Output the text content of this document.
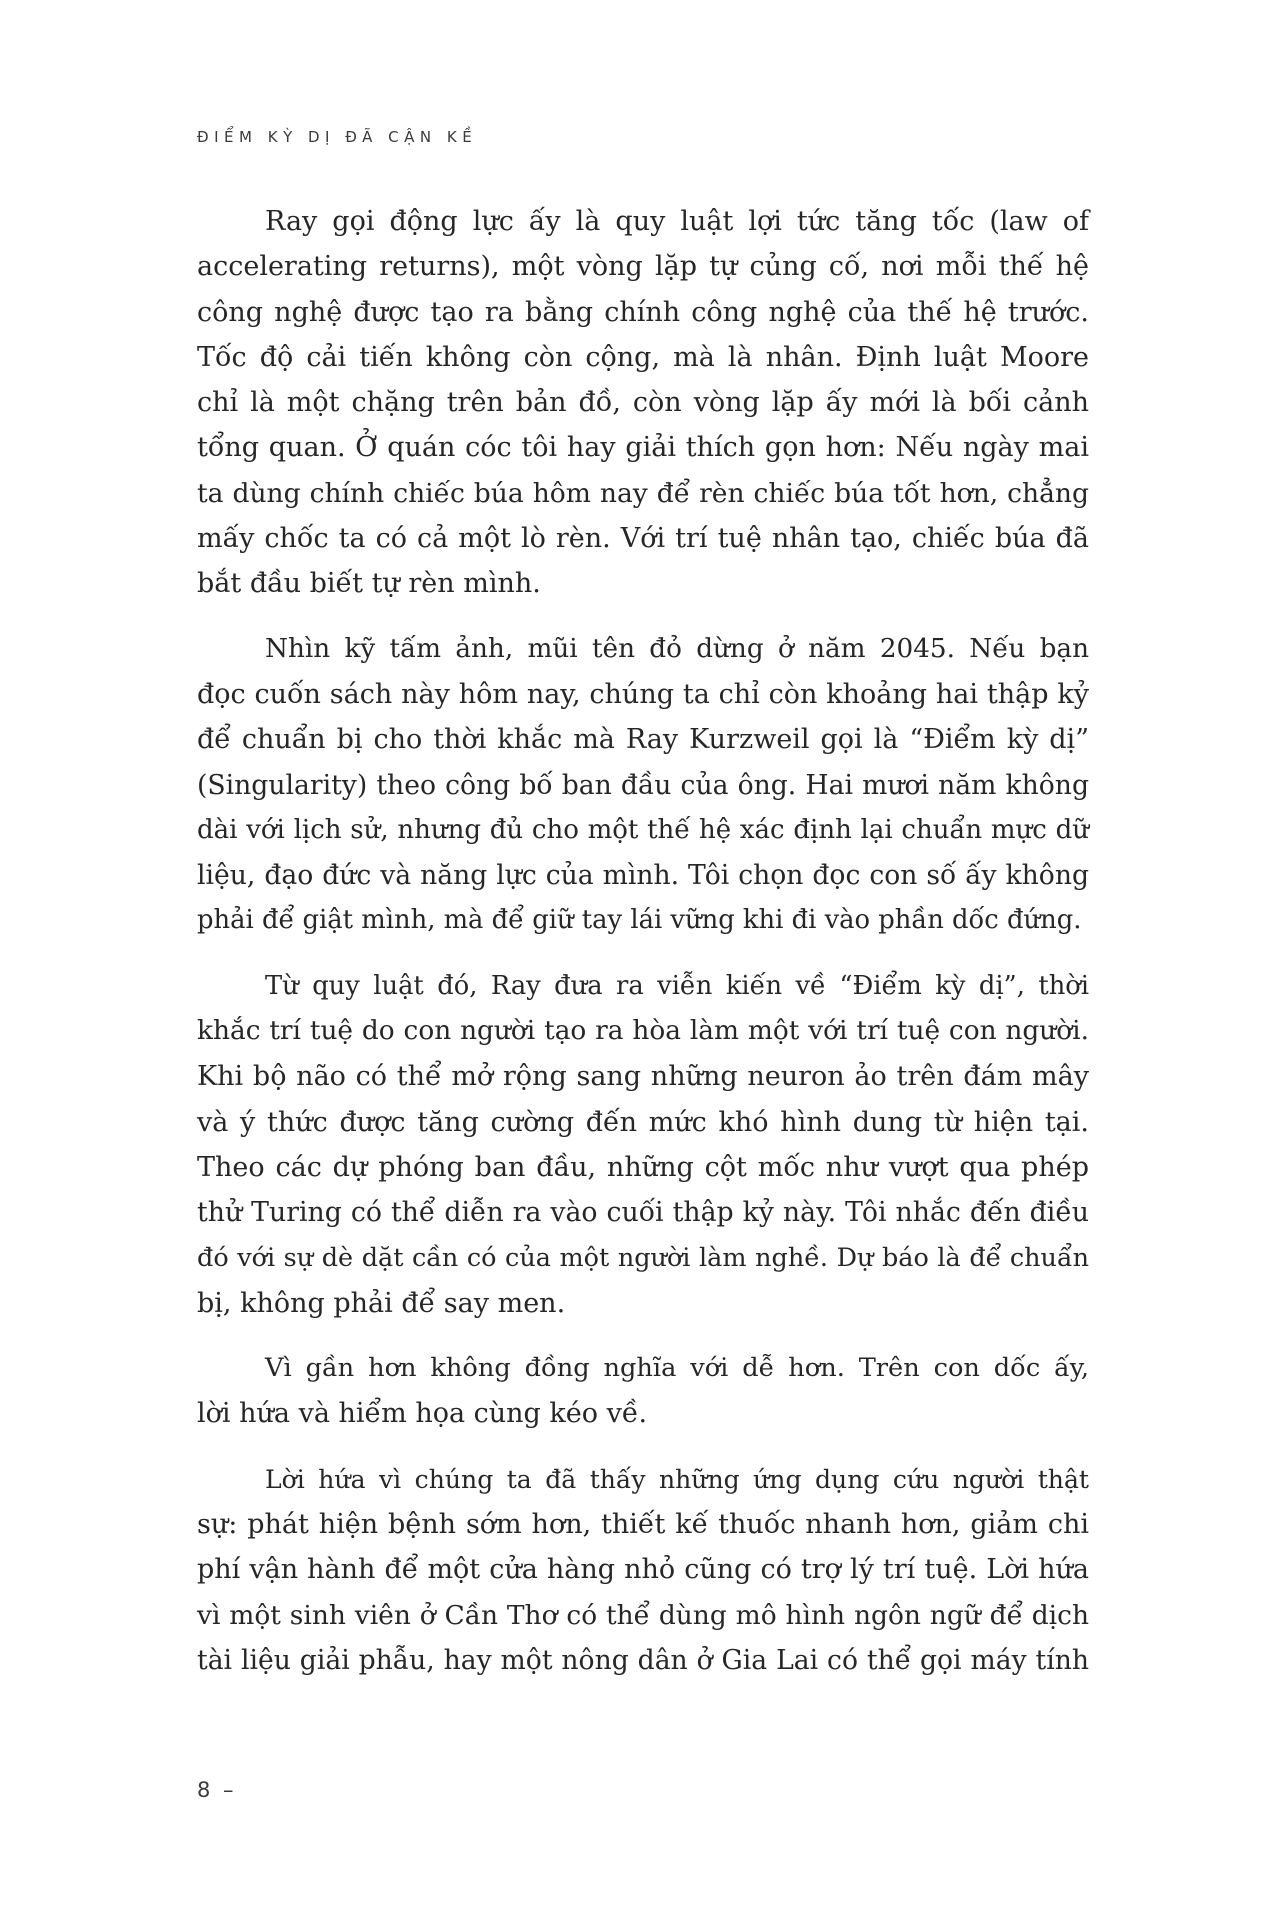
ĐIỂM KỲ DỊ ĐÃ CẬN KỀ

Ray gọi động lực ấy là quy luật lợi tức tăng tốc (law of
accelerating returns), một vòng lặp tự củng cố, nơi mỗi thế hệ
công nghệ được tạo ra bằng chính công nghệ của thế hệ trước.
Tốc độ cải tiến không còn cộng, mà là nhân. Định luật Moore
chỉ là một chặng trên bản đồ, còn vòng lặp ấy mới là bối cảnh
tổng quan. Ở quán cóc tôi hay giải thích gọn hơn: Nếu ngày mai
ta dùng chính chiếc búa hôm nay để rèn chiếc búa tốt hơn, chẳng
mấy chốc ta có cả một lò rèn. Với trí tuệ nhân tạo, chiếc búa đã
bắt đầu biết tự rèn mình.

Nhìn kỹ tấm ảnh, mũi tên đỏ dừng ở năm 2045. Nếu bạn
đọc cuốn sách này hôm nay, chúng ta chỉ còn khoảng hai thập kỷ
để chuẩn bị cho thời khắc mà Ray Kurzweil gọi là “Điểm kỳ dị”
(Singularity) theo công bố ban đầu của ông. Hai mươi năm không
dài với lịch sử, nhưng đủ cho một thế hệ xác định lại chuẩn mực dữ
liệu, đạo đức và năng lực của mình. Tôi chọn đọc con số ấy không
phải để giật mình, mà để giữ tay lái vững khi đi vào phần dốc đứng.

Từ quy luật đó, Ray đưa ra viễn kiến về “Điểm kỳ dị”, thời
khắc trí tuệ do con người tạo ra hòa làm một với trí tuệ con người.
Khi bộ não có thể mở rộng sang những neuron ảo trên đám mây
và ý thức được tăng cường đến mức khó hình dung từ hiện tại.
Theo các dự phóng ban đầu, những cột mốc như vượt qua phép
thử Turing có thể diễn ra vào cuối thập kỷ này. Tôi nhắc đến điều
đó với sự dè dặt cần có của một người làm nghề. Dự báo là để chuẩn
bị, không phải để say men.

Vì gần hơn không đồng nghĩa với dễ hơn. Trên con dốc ấy,
lời hứa và hiểm họa cùng kéo về.

Lời hứa vì chúng ta đã thấy những ứng dụng cứu người thật
sự: phát hiện bệnh sớm hơn, thiết kế thuốc nhanh hơn, giảm chi
phí vận hành để một cửa hàng nhỏ cũng có trợ lý trí tuệ. Lời hứa
vì một sinh viên ở Cần Thơ có thể dùng mô hình ngôn ngữ để dịch
tài liệu giải phẫu, hay một nông dân ở Gia Lai có thể gọi máy tính

8 –
